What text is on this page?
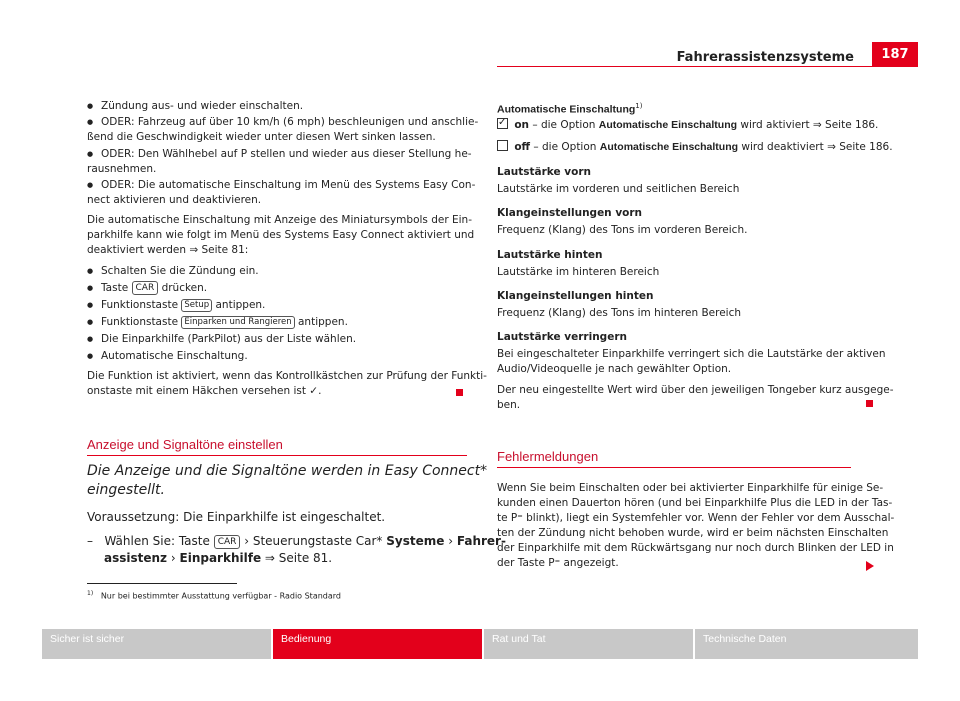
Fahrerassistenzsysteme	187
● Zündung aus- und wieder einschalten.
● ODER: Fahrzeug auf über 10 km/h (6 mph) beschleunigen und anschlie-
ßend die Geschwindigkeit wieder unter diesen Wert sinken lassen.
● ODER: Den Wählhebel auf P stellen und wieder aus dieser Stellung he-
rausnehmen.
● ODER: Die automatische Einschaltung im Menü des Systems Easy Con-
nect aktivieren und deaktivieren.
Die automatische Einschaltung mit Anzeige des Miniatursymbols der Ein-
parkhilfe kann wie folgt im Menü des Systems Easy Connect aktiviert und
deaktiviert werden ⇒ Seite 81:
● Schalten Sie die Zündung ein.
● Taste CAR drücken.
● Funktionstaste Setup antippen.
● Funktionstaste Einparken und Rangieren antippen.
● Die Einparkhilfe (ParkPilot) aus der Liste wählen.
● Automatische Einschaltung.
Die Funktion ist aktiviert, wenn das Kontrollkästchen zur Prüfung der Funkti-
onstaste mit einem Häkchen versehen ist ✓.
Anzeige und Signaltöne einstellen
Die Anzeige und die Signaltöne werden in Easy Connect*
eingestellt.
Voraussetzung: Die Einparkhilfe ist eingeschaltet.
– Wählen Sie: Taste CAR › Steuerungstaste Car* Systeme › Fahrer-
assistenz › Einparkhilfe ⇒ Seite 81.
Automatische Einschaltung$^{1)}$
✓ on – die Option Automatische Einschaltung wird aktiviert ⇒ Seite 186.
off – die Option Automatische Einschaltung wird deaktiviert ⇒ Seite 186.
Lautstärke vorn
Lautstärke im vorderen und seitlichen Bereich
Klangeinstellungen vorn
Frequenz (Klang) des Tons im vorderen Bereich.
Lautstärke hinten
Lautstärke im hinteren Bereich
Klangeinstellungen hinten
Frequenz (Klang) des Tons im hinteren Bereich
Lautstärke verringern
Bei eingeschalteter Einparkhilfe verringert sich die Lautstärke der aktiven
Audio/Videoquelle je nach gewählter Option.
Der neu eingestellte Wert wird über den jeweiligen Tongeber kurz ausgege-
ben.
Fehlermeldungen
Wenn Sie beim Einschalten oder bei aktivierter Einparkhilfe für einige Se-
kunden einen Dauerton hören (und bei Einparkhilfe Plus die LED in der Tas-
te P⁼ blinkt), liegt ein Systemfehler vor. Wenn der Fehler vor dem Ausschal-
ten der Zündung nicht behoben wurde, wird er beim nächsten Einschalten
der Einparkhilfe mit dem Rückwärtsgang nur noch durch Blinken der LED in
der Taste P⁼ angezeigt.
$^{1)}$ Nur bei bestimmter Ausstattung verfügbar - Radio Standard
Sicher ist sicher	Bedienung	Rat und Tat	Technische Daten
